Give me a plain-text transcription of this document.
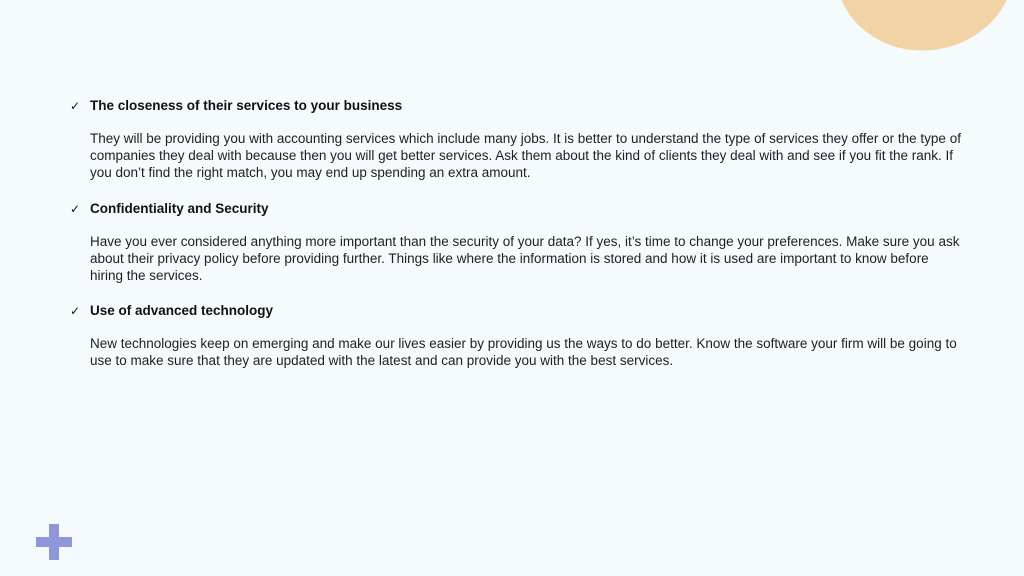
✓ The closeness of their services to your business
They will be providing you with accounting services which include many jobs. It is better to understand the type of services they offer or the type of companies they deal with because then you will get better services. Ask them about the kind of clients they deal with and see if you fit the rank. If you don’t find the right match, you may end up spending an extra amount.
✓ Confidentiality and Security
Have you ever considered anything more important than the security of your data? If yes, it’s time to change your preferences. Make sure you ask about their privacy policy before providing further. Things like where the information is stored and how it is used are important to know before hiring the services.
✓ Use of advanced technology
New technologies keep on emerging and make our lives easier by providing us the ways to do better. Know the software your firm will be going to use to make sure that they are updated with the latest and can provide you with the best services.
